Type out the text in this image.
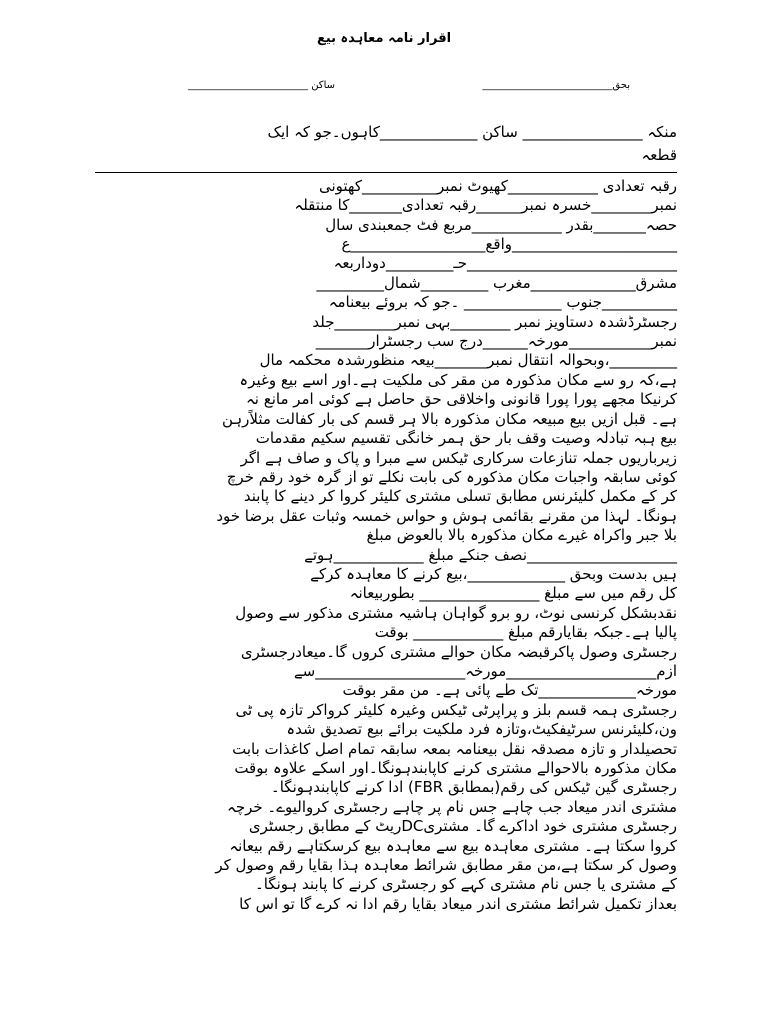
اقرار نامہ معاہدہ بیع
بحق__________________________
ساکن ________________________

منکہ ________________ ساکن _____________کاہوں۔جو کہ ایک

قطعہ

رقبہ تعدادی ____________کھیوٹ نمبر__________کھتونی

نمبر________خسرہ نمبر______رقبہ تعدادی_______کا منتقلہ

حصہ_______بقدر ____________مربع فٹ جمعبندی سال

______________________واقع__________________ع

____________________________حـ_________دوداربعہ

مشرق______________مغرب _________شمال_________

__________جنوب _____________ ۔جو کہ بروئے بیعنامہ

رجسٹرڈشدہ دستاویز نمبر ________بہی نمبر________جلد

نمبر___________مورخہ______درج سب رجسٹرار_______

_________،وبحوالہ انتقال نمبر_______بیعہ منظورشدہ محکمہ مال

ہے،کہ رو سے مکان مذکورہ من مقر کی ملکیت ہے۔اور اسے بیع وغیرہ

کرنیکا مجھے پورا پورا قانونی واخلاقی حق حاصل ہے کوئی امر مانع نہ

ہے۔ قبل ازیں بیع مبیعہ مکان مذکورہ بالا ہر قسم کی بار کفالت مثلاًرہن

بیع ہبہ تبادلہ وصیت وقف بار حق ہمر خانگی تقسیم سکیم مقدمات

زیرباریوں جملہ تنازعات سرکاری ٹیکس سے مبرا و پاک و صاف ہے اگر

کوئی سابقہ واجبات مکان مذکورہ کی بابت نکلے تو از گرہ خود رقم خرچ

کر کے مکمل کلیئرنس مطابق تسلی مشتری کلیئر کروا کر دینے کا پابند

ہونگا۔ لہذا من مقرنے بقائمی ہوش و حواس خمسہ وثبات عقل برضا خود

بلا جبر واکراہ غیرے مکان مذکورہ بالا بالعوض مبلغ

____________________نصف جنکے مبلغ ____________ہوتے

ہیں بدست وبحق _____________،بیع کرنے کا معاہدہ کرکے

کل رقم میں سے مبلغ ________________ بطوربیعانہ

نقدبشکل کرنسی نوٹ، رو برو گواہان ہاشیہ مشتری مذکور سے وصول

پالیا ہے۔جبکہ بقایارقم مبلغ ____________ بوقت

رجسٹری وصول پاکرقبضہ مکان حوالے مشتری کروں گا۔میعادرجسٹری

ازم____________________مورخہ____________________سے

مورخہ_____________تک طے پائی ہے۔ من مقر بوقت

رجسٹری ہمہ قسم بلز و پراپرٹی ٹیکس وغیرہ کلیئر کرواکر تازہ پی ٹی

ون،کلیئرنس سرٹیفکیٹ،وتازہ فرد ملکیت برائے بیع تصدیق شدہ

تحصیلدار و تازہ مصدقہ نقل بیعنامہ بمعہ سابقہ تمام اصل کاغذات بابت

مکان مذکورہ بالاحوالے مشتری کرنے کاپابندہونگا۔اور اسکے علاوہ بوقت

رجسٹری گین ٹیکس کی رقم(بمطابق FBR) ادا کرنے کاپابندہونگا۔

مشتری اندر میعاد جب چاہے جس نام پر چاہے رجسٹری کروالیوے۔ خرچہ

رجسٹری مشتری خود اداکرے گا۔ مشتریDCریٹ کے مطابق رجسٹری

کروا سکتا ہے۔ مشتری معاہدہ بیع سے معاہدہ بیع کرسکتاہے رقم بیعانہ

وصول کر سکتا ہے،من مقر مطابق شرائط معاہدہ ہذا بقایا رقم وصول کر

کے مشتری یا جس نام مشتری کہے کو رجسٹری کرنے کا پابند ہونگا۔

بعداز تکمیل شرائط مشتری اندر میعاد بقایا رقم ادا نہ کرے گا تو اس کا
